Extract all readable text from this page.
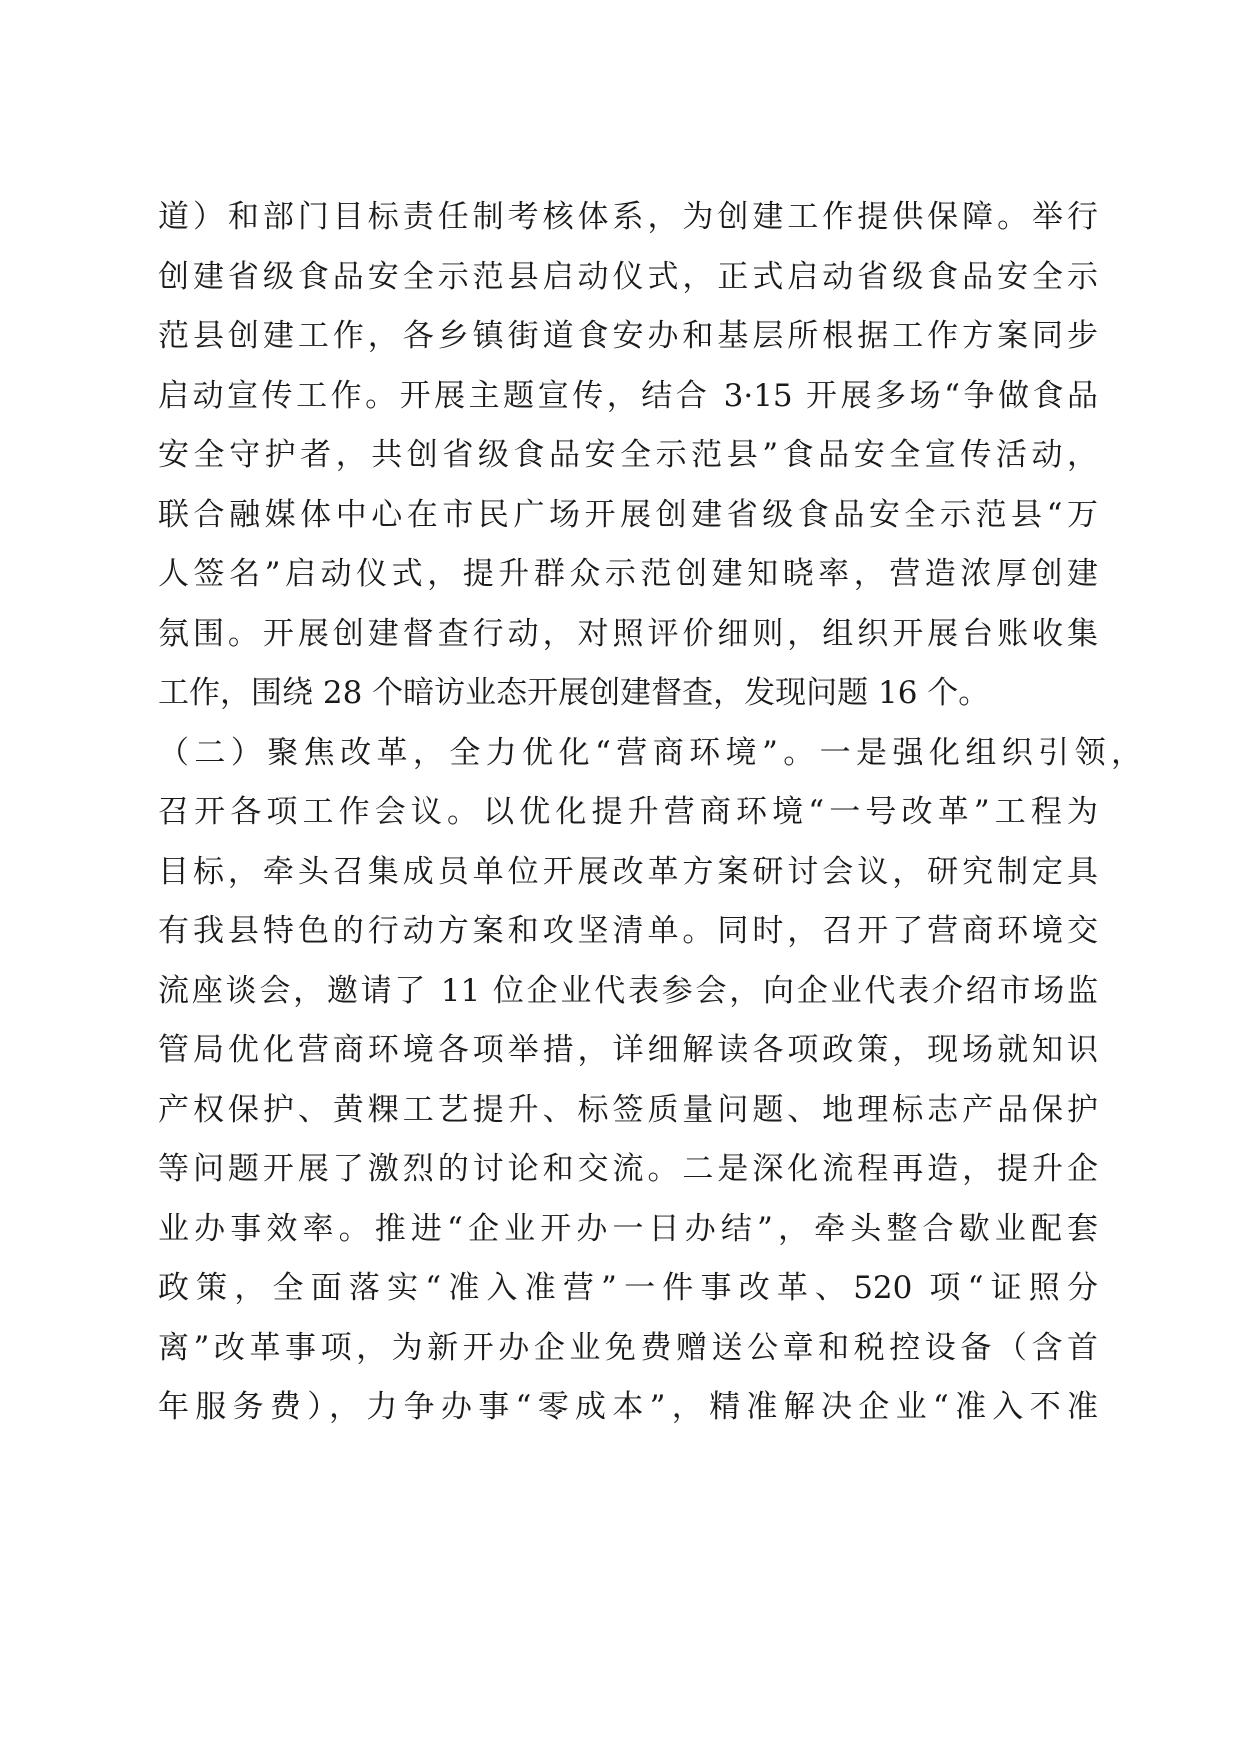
道）和部门目标责任制考核体系，为创建工作提供保障。举行
创建省级食品安全示范县启动仪式，正式启动省级食品安全示
范县创建工作，各乡镇街道食安办和基层所根据工作方案同步
启动宣传工作。开展主题宣传，结合 3·15 开展多场“争做食品
安全守护者，共创省级食品安全示范县”食品安全宣传活动，
联合融媒体中心在市民广场开展创建省级食品安全示范县“万
人签名”启动仪式，提升群众示范创建知晓率，营造浓厚创建
氛围。开展创建督查行动，对照评价细则，组织开展台账收集
工作，围绕 28 个暗访业态开展创建督查，发现问题 16 个。
（二）聚焦改革，全力优化“营商环境”。一是强化组织引领，
召开各项工作会议。以优化提升营商环境“一号改革”工程为
目标，牵头召集成员单位开展改革方案研讨会议，研究制定具
有我县特色的行动方案和攻坚清单。同时，召开了营商环境交
流座谈会，邀请了 11 位企业代表参会，向企业代表介绍市场监
管局优化营商环境各项举措，详细解读各项政策，现场就知识
产权保护、黄粿工艺提升、标签质量问题、地理标志产品保护
等问题开展了激烈的讨论和交流。二是深化流程再造，提升企
业办事效率。推进“企业开办一日办结”，牵头整合歇业配套
政策，全面落实“准入准营”一件事改革、520 项“证照分
离”改革事项，为新开办企业免费赠送公章和税控设备（含首
年服务费），力争办事“零成本”，精准解决企业“准入不准
